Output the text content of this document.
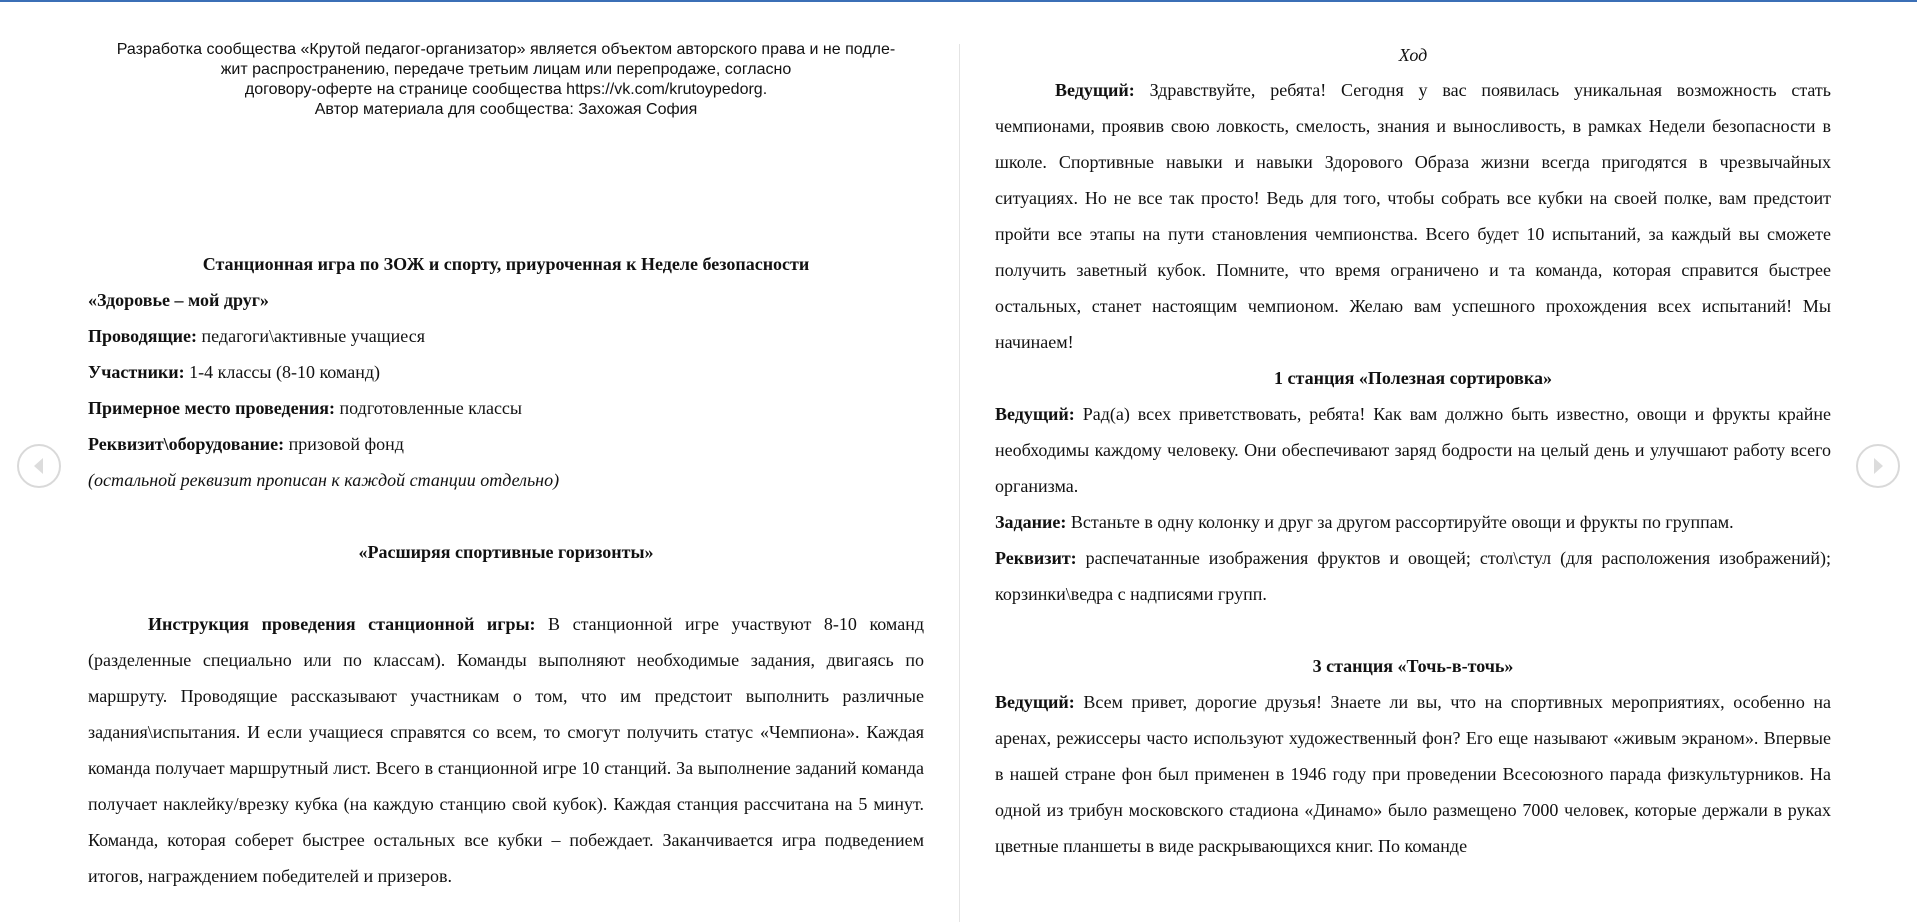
Разработка сообщества «Крутой педагог-организатор» является объектом авторского права и не подле-
жит распространению, передаче третьим лицам или перепродаже, согласно
договору-оферте на странице сообщества https://vk.com/krutoypedorg.
Автор материала для сообщества: Захожая София

Станционная игра по ЗОЖ и спорту, приуроченная к Неделе безопасности

«Здоровье – мой друг»

Проводящие: педагоги\активные учащиеся

Участники: 1-4 классы (8-10 команд)

Примерное место проведения: подготовленные классы

Реквизит\оборудование: призовой фонд

(остальной реквизит прописан к каждой станции отдельно)

«Расширяя спортивные горизонты»

Инструкция проведения станционной игры: В станционной игре участвуют 8-10 команд (разделенные специально или по классам). Команды выполняют необходимые задания, двигаясь по маршруту. Проводящие рассказывают участникам о том, что им предстоит выполнить различные задания\испытания. И если учащиеся справятся со всем, то смогут получить статус «Чемпиона». Каждая команда получает маршрутный лист. Всего в станционной игре 10 станций. За выполнение заданий команда получает наклейку/врезку кубка (на каждую станцию свой кубок). Каждая станция рассчитана на 5 минут. Команда, которая соберет быстрее остальных все кубки – побеждает. Заканчивается игра подведением итогов, награждением победителей и призеров.

Ход

Ведущий: Здравствуйте, ребята! Сегодня у вас появилась уникальная возможность стать чемпионами, проявив свою ловкость, смелость, знания и выносливость, в рамках Недели безопасности в школе. Спортивные навыки и навыки Здорового Образа жизни всегда пригодятся в чрезвычайных ситуациях. Но не все так просто! Ведь для того, чтобы собрать все кубки на своей полке, вам предстоит пройти все этапы на пути становления чемпионства. Всего будет 10 испытаний, за каждый вы сможете получить заветный кубок. Помните, что время ограничено и та команда, которая справится быстрее остальных, станет настоящим чемпионом. Желаю вам успешного прохождения всех испытаний! Мы начинаем!

1 станция «Полезная сортировка»

Ведущий: Рад(а) всех приветствовать, ребята! Как вам должно быть известно, овощи и фрукты крайне необходимы каждому человеку. Они обеспечивают заряд бодрости на целый день и улучшают работу всего организма.

Задание: Встаньте в одну колонку и друг за другом рассортируйте овощи и фрукты по группам.

Реквизит: распечатанные изображения фруктов и овощей; стол\стул (для расположения изображений); корзинки\ведра с надписями групп.

3 станция «Точь-в-точь»

Ведущий: Всем привет, дорогие друзья! Знаете ли вы, что на спортивных мероприятиях, особенно на аренах, режиссеры часто используют художественный фон? Его еще называют «живым экраном». Впервые в нашей стране фон был применен в 1946 году при проведении Всесоюзного парада физкультурников. На одной из трибун московского стадиона «Динамо» было размещено 7000 человек, которые держали в руках цветные планшеты в виде раскрывающихся книг. По команде
